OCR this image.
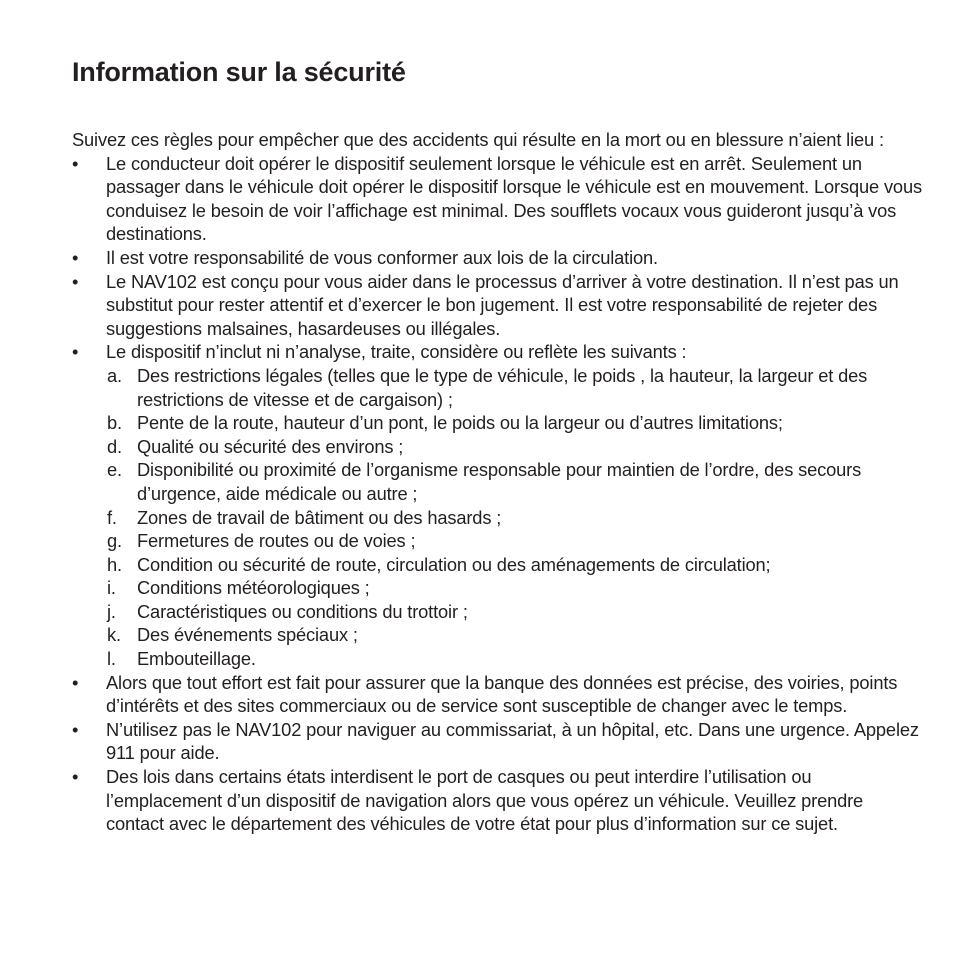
Information sur la sécurité

Suivez ces règles pour empêcher que des accidents qui résulte en la mort ou en blessure n’aient lieu :

• Le conducteur doit opérer le dispositif seulement lorsque le véhicule est en arrêt. Seulement un passager dans le véhicule doit opérer le dispositif lorsque le véhicule est en mouvement. Lorsque vous conduisez le besoin de voir l’affichage est minimal. Des soufflets vocaux vous guideront jusqu’à vos destinations.
• Il est votre responsabilité de vous conformer aux lois de la circulation.
• Le NAV102 est conçu pour vous aider dans le processus d’arriver à votre destination. Il n’est pas un substitut pour rester attentif et d’exercer le bon jugement. Il est votre responsabilité de rejeter des suggestions malsaines, hasardeuses ou illégales.
• Le dispositif n’inclut ni n’analyse, traite, considère ou reflète les suivants :
a. Des restrictions légales (telles que le type de véhicule, le poids , la hauteur, la largeur et des restrictions de vitesse et de cargaison) ;
b. Pente de la route, hauteur d’un pont, le poids ou la largeur ou d’autres limitations;
d. Qualité ou sécurité des environs ;
e. Disponibilité ou proximité de l’organisme responsable pour maintien de l’ordre, des secours d’urgence, aide médicale ou autre ;
f. Zones de travail de bâtiment ou des hasards ;
g. Fermetures de routes ou de voies ;
h. Condition ou sécurité de route, circulation ou des aménagements de circulation;
i. Conditions météorologiques ;
j. Caractéristiques ou conditions du trottoir ;
k. Des événements spéciaux ;
l. Embouteillage.
• Alors que tout effort est fait pour assurer que la banque des données est précise, des voiries, points d’intérêts et des sites commerciaux ou de service sont susceptible de changer avec le temps.
• N’utilisez pas le NAV102 pour naviguer au commissariat, à un hôpital, etc. Dans une urgence. Appelez 911 pour aide.
• Des lois dans certains états interdisent le port de casques ou peut interdire l’utilisation ou l’emplacement d’un dispositif de navigation alors que vous opérez un véhicule. Veuillez prendre contact avec le département des véhicules de votre état pour plus d’information sur ce sujet.
